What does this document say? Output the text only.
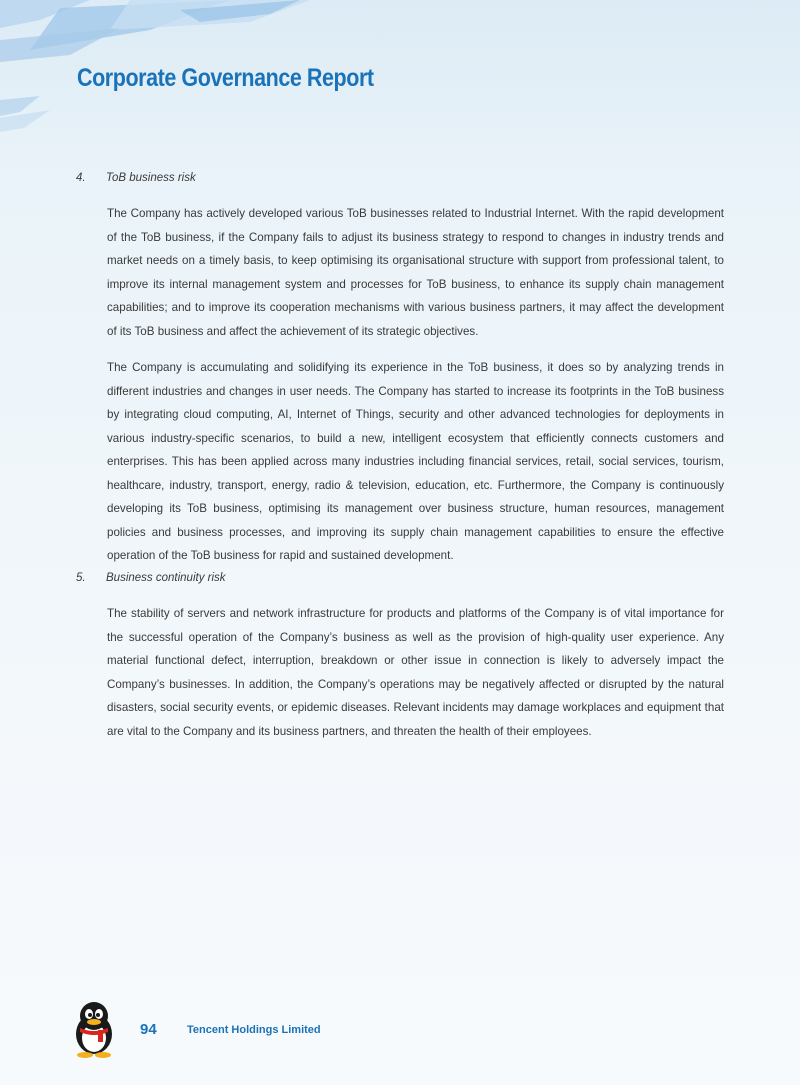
Corporate Governance Report
4. ToB business risk

The Company has actively developed various ToB businesses related to Industrial Internet. With the rapid development of the ToB business, if the Company fails to adjust its business strategy to respond to changes in industry trends and market needs on a timely basis, to keep optimising its organisational structure with support from professional talent, to improve its internal management system and processes for ToB business, to enhance its supply chain management capabilities; and to improve its cooperation mechanisms with various business partners, it may affect the development of its ToB business and affect the achievement of its strategic objectives.

The Company is accumulating and solidifying its experience in the ToB business, it does so by analyzing trends in different industries and changes in user needs. The Company has started to increase its footprints in the ToB business by integrating cloud computing, AI, Internet of Things, security and other advanced technologies for deployments in various industry-specific scenarios, to build a new, intelligent ecosystem that efficiently connects customers and enterprises. This has been applied across many industries including financial services, retail, social services, tourism, healthcare, industry, transport, energy, radio & television, education, etc. Furthermore, the Company is continuously developing its ToB business, optimising its management over business structure, human resources, management policies and business processes, and improving its supply chain management capabilities to ensure the effective operation of the ToB business for rapid and sustained development.

5. Business continuity risk

The stability of servers and network infrastructure for products and platforms of the Company is of vital importance for the successful operation of the Company’s business as well as the provision of high-quality user experience. Any material functional defect, interruption, breakdown or other issue in connection is likely to adversely impact the Company’s businesses. In addition, the Company’s operations may be negatively affected or disrupted by the natural disasters, social security events, or epidemic diseases. Relevant incidents may damage workplaces and equipment that are vital to the Company and its business partners, and threaten the health of their employees.

94	Tencent Holdings Limited
